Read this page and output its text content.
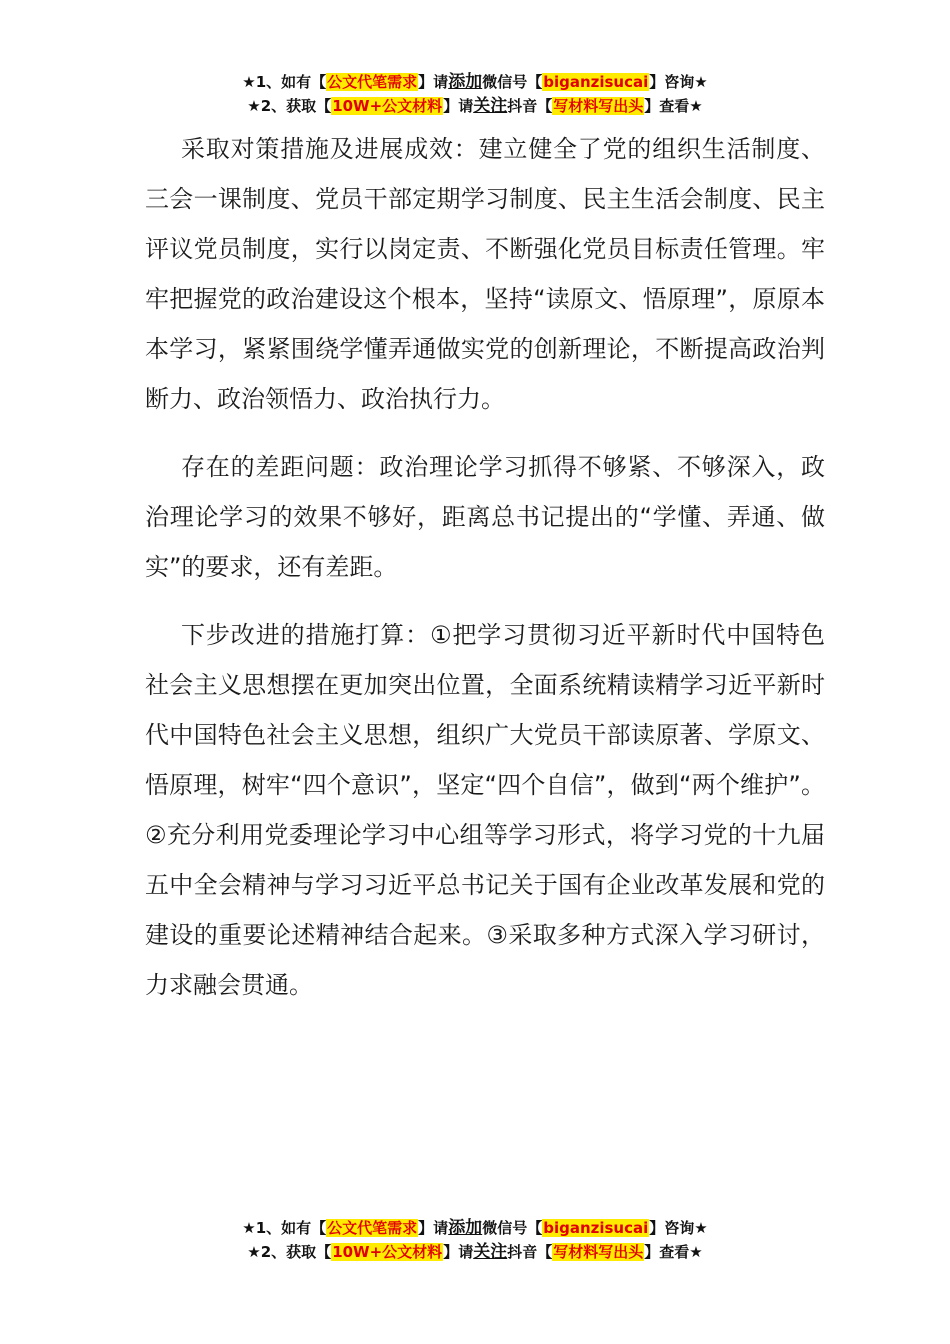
★1、如有【公文代笔需求】请添加微信号【biganzisucai】咨询★
★2、获取【10W+公文材料】请关注抖音【写材料写出头】查看★

采取对策措施及进展成效：建立健全了党的组织生活制度、三会一课制度、党员干部定期学习制度、民主生活会制度、民主评议党员制度，实行以岗定责、不断强化党员目标责任管理。牢牢把握党的政治建设这个根本，坚持“读原文、悟原理”，原原本本学习，紧紧围绕学懂弄通做实党的创新理论，不断提高政治判断力、政治领悟力、政治执行力。

存在的差距问题：政治理论学习抓得不够紧、不够深入，政治理论学习的效果不够好，距离总书记提出的“学懂、弄通、做实”的要求，还有差距。

下步改进的措施打算：①把学习贯彻习近平新时代中国特色社会主义思想摆在更加突出位置，全面系统精读精学习近平新时代中国特色社会主义思想，组织广大党员干部读原著、学原文、悟原理，树牢“四个意识”，坚定“四个自信”，做到“两个维护”。②充分利用党委理论学习中心组等学习形式，将学习党的十九届五中全会精神与学习习近平总书记关于国有企业改革发展和党的建设的重要论述精神结合起来。③采取多种方式深入学习研讨，力求融会贯通。

★1、如有【公文代笔需求】请添加微信号【biganzisucai】咨询★
★2、获取【10W+公文材料】请关注抖音【写材料写出头】查看★
